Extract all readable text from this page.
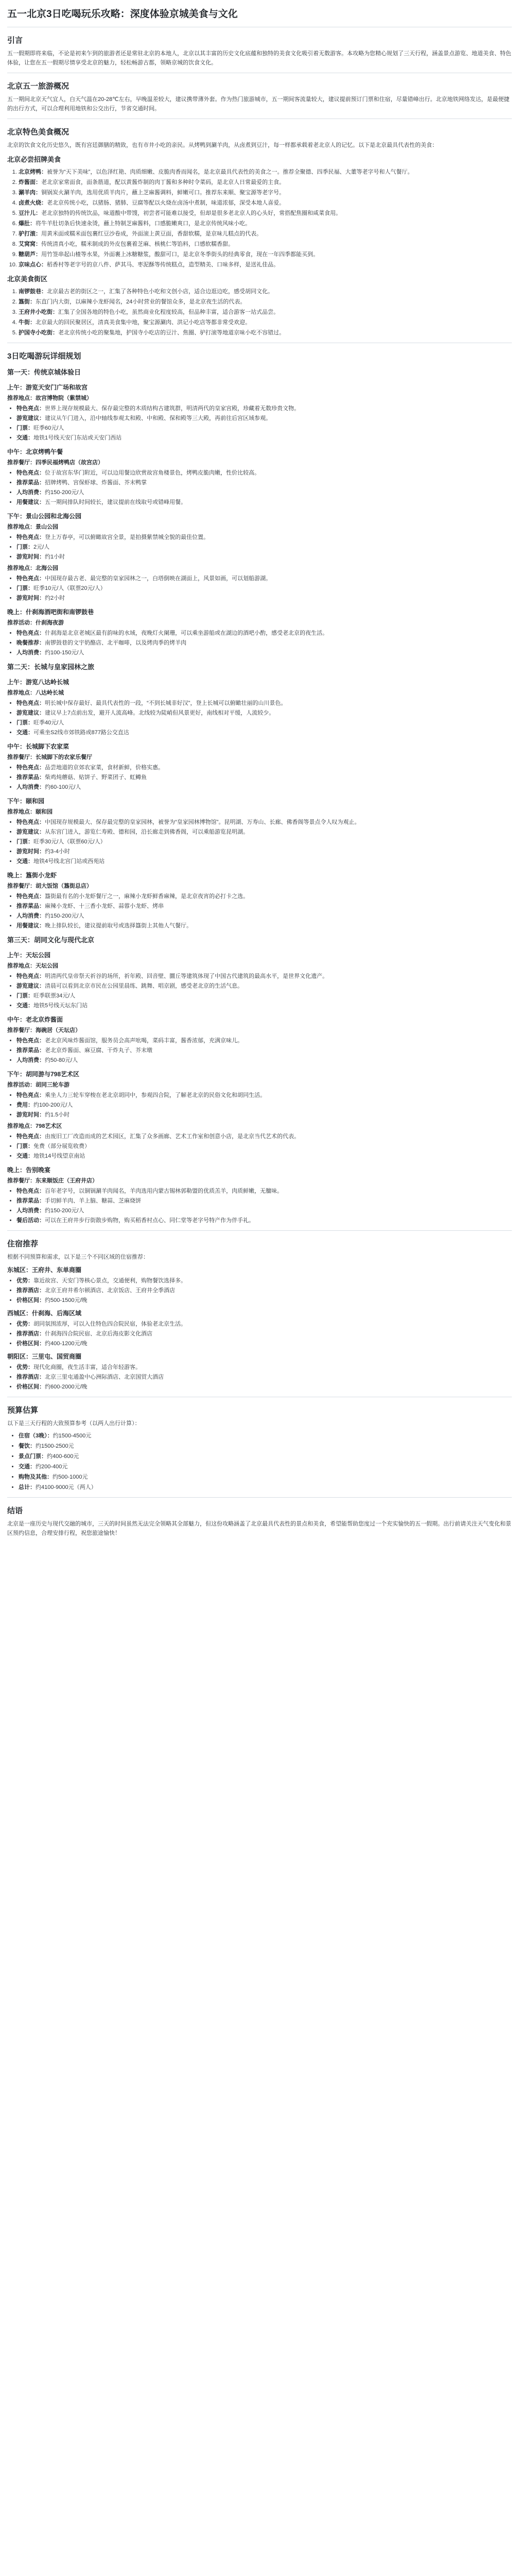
五一北京3日吃喝玩乐攻略：深度体验京城美食与文化
引言
五一假期即将来临，不论是初来乍到的旅游者还是常驻北京的本地人，北京以其丰富的历史文化底蕴和独特的美食文化吸引着无数游客。本攻略为您精心规划了三天行程，涵盖景点游览、地道美食、特色体验，让您在五一假期尽情享受北京的魅力，轻松畅游古都，领略京城的饮食文化。
北京五一旅游概况
五一期间北京天气宜人，白天气温在20-28℃左右，早晚温差较大，建议携带薄外套。作为热门旅游城市，五一期间客流量较大，建议提前预订门票和住宿，尽量错峰出行。北京地铁网络发达，是最便捷的出行方式，可以合理利用地铁和公交出行，节省交通时间。
北京特色美食概况
北京的饮食文化历史悠久，既有宫廷御膳的精致，也有市井小吃的亲民。从烤鸭到涮羊肉，从卤煮到豆汁，每一样都承载着老北京人的记忆。以下是北京最具代表性的美食：
北京必尝招牌美食
1. 北京烤鸭：被誉为“天下美味”，以色泽红艳、肉质细嫩、皮脆肉香而闻名，是北京最具代表性的美食之一。推荐全聚德、四季民福、大董等老字号和人气餐厅。
2. 炸酱面：老北京家常面食，面条筋道，配以黄酱炸制的肉丁酱和多种时令菜码，是北京人日常最爱的主食。
3. 涮羊肉：铜锅炭火涮羊肉，选用优质羊肉片，蘸上芝麻酱调料，鲜嫩可口。推荐东来顺、聚宝源等老字号。
4. 卤煮火烧：老北京传统小吃，以猪肠、猪肺、豆腐等配以火烧在卤汤中煮制，味道浓郁，深受本地人喜爱。
5. 豆汁儿：老北京独特的传统饮品，味道酸中带馊，初尝者可能难以接受，但却是很多老北京人的心头好，常搭配焦圈和咸菜食用。
6. 爆肚：将牛羊肚切条后快速汆烫，蘸上特制芝麻酱料，口感脆嫩爽口，是北京传统风味小吃。
7. 驴打滚：用黄米面或糯米面包裹红豆沙卷成，外面滚上黄豆面，香甜软糯，是京味儿糕点的代表。
8. 艾窝窝：传统清真小吃，糯米制成的外皮包裹着芝麻、核桃仁等馅料，口感软糯香甜。
9. 糖葫芦：用竹签串起山楂等水果，外面裹上冰糖糖浆，酸甜可口，是北京冬季街头的经典零食，现在一年四季都能买到。
10. 京味点心：稻香村等老字号的京八件、萨其马、枣泥酥等传统糕点，造型精美、口味多样，是送礼佳品。
北京美食街区
1. 南锣鼓巷：北京最古老的街区之一，汇集了各种特色小吃和文创小店，适合边逛边吃，感受胡同文化。
2. 簋街：东直门内大街，以麻辣小龙虾闻名，24小时营业的餐馆众多，是北京夜生活的代表。
3. 王府井小吃街：汇集了全国各地的特色小吃，虽然商业化程度较高，但品种丰富，适合游客一站式品尝。
4. 牛街：北京最大的回民聚居区，清真美食集中地，聚宝源涮肉、洪记小吃店等都非常受欢迎。
5. 护国寺小吃街：老北京传统小吃的聚集地，护国寺小吃店的豆汁、焦圈、驴打滚等地道京味小吃不容错过。
3日吃喝游玩详细规划
第一天：传统京城体验日
上午：游览天安门广场和故宫
推荐地点：故宫博物院（紫禁城）
• 特色亮点：世界上现存规模最大、保存最完整的木质结构古建筑群，明清两代的皇家宫殿，珍藏着无数珍贵文物。
• 游览建议：建议从午门进入，沿中轴线参观太和殿、中和殿、保和殿等三大殿，再前往后宫区域参观。
• 门票：旺季60元/人
• 交通：地铁1号线天安门东站或天安门西站
中午：北京烤鸭午餐
推荐餐厅：四季民福烤鸭店（故宫店）
• 特色亮点：位于故宫东华门附近，可以边用餐边欣赏故宫角楼景色，烤鸭皮脆肉嫩，性价比较高。
• 推荐菜品：招牌烤鸭、宫保虾球、炸酱面、芥末鸭掌
• 人均消费：约150-200元/人
• 用餐建议：五一期间排队时间较长，建议提前在线取号或错峰用餐。
下午：景山公园和北海公园
推荐地点：景山公园
• 特色亮点：登上万春亭，可以俯瞰故宫全景，是拍摄紫禁城全貌的最佳位置。
• 门票：2元/人
• 游览时间：约1小时
推荐地点：北海公园
• 特色亮点：中国现存最古老、最完整的皇家园林之一，白塔倒映在湖面上，风景如画，可以划船游湖。
• 门票：旺季10元/人（联票20元/人）
• 游览时间：约2小时
晚上：什刹海酒吧街和南锣鼓巷
推荐活动：什刹海夜游
• 特色亮点：什刹海是北京老城区最有韵味的水域，夜晚灯火阑珊，可以乘坐游船或在湖边的酒吧小酌，感受老北京的夜生活。
• 晚餐推荐：南锣鼓巷的文宇奶酪店、北平咖啡，以及烤肉季的烤羊肉
• 人均消费：约100-150元/人
第二天：长城与皇家园林之旅
上午：游览八达岭长城
推荐地点：八达岭长城
• 特色亮点：明长城中保存最好、最具代表性的一段，“不到长城非好汉”，登上长城可以俯瞰壮丽的山川景色。
• 游览建议：建议早上7点前出发，避开人流高峰。北线较为陡峭但风景更好，南线相对平缓，人流较少。
• 门票：旺季40元/人
• 交通：可乘坐S2线市郊铁路或877路公交直达
中午：长城脚下农家菜
推荐餐厅：长城脚下的农家乐餐厅
• 特色亮点：品尝地道的京郊农家菜，食材新鲜，价格实惠。
• 推荐菜品：柴鸡炖蘑菇、贴饼子、野菜团子、虹鳟鱼
• 人均消费：约60-100元/人
下午：颐和园
推荐地点：颐和园
• 特色亮点：中国现存规模最大、保存最完整的皇家园林，被誉为“皇家园林博物馆”。昆明湖、万寿山、长廊、佛香阁等景点令人叹为观止。
• 游览建议：从东宫门进入，游览仁寿殿、德和园，沿长廊走到佛香阁，可以乘船游览昆明湖。
• 门票：旺季30元/人（联票60元/人）
• 游览时间：约3-4小时
• 交通：地铁4号线北宫门站或西苑站
晚上：簋街小龙虾
推荐餐厅：胡大饭馆（簋街总店）
• 特色亮点：簋街最有名的小龙虾餐厅之一，麻辣小龙虾鲜香麻辣，是北京夜宵的必打卡之选。
• 推荐菜品：麻辣小龙虾、十三香小龙虾、蒜蓉小龙虾、烤串
• 人均消费：约150-200元/人
• 用餐建议：晚上排队较长，建议提前取号或选择簋街上其他人气餐厅。
第三天：胡同文化与现代北京
上午：天坛公园
推荐地点：天坛公园
• 特色亮点：明清两代皇帝祭天祈谷的场所，祈年殿、回音壁、圜丘等建筑体现了中国古代建筑的最高水平，是世界文化遗产。
• 游览建议：清晨可以看到北京市民在公园里晨练、跳舞、唱京剧，感受老北京的生活气息。
• 门票：旺季联票34元/人
• 交通：地铁5号线天坛东门站
中午：老北京炸酱面
推荐餐厅：海碗居（天坛店）
• 特色亮点：老北京风味炸酱面馆，服务员会高声吆喝，菜码丰富，酱香浓郁，充满京味儿。
• 推荐菜品：老北京炸酱面、麻豆腐、干炸丸子、芥末墩
• 人均消费：约50-80元/人
下午：胡同游与798艺术区
推荐活动：胡同三轮车游
• 特色亮点：乘坐人力三轮车穿梭在老北京胡同中，参观四合院，了解老北京的民俗文化和胡同生活。
• 费用：约100-200元/人
• 游览时间：约1.5小时
推荐地点：798艺术区
• 特色亮点：由废旧工厂改造而成的艺术园区，汇集了众多画廊、艺术工作室和创意小店，是北京当代艺术的代表。
• 门票：免费（部分展览收费）
• 交通：地铁14号线望京南站
晚上：告别晚宴
推荐餐厅：东来顺饭庄（王府井店）
• 特色亮点：百年老字号，以铜锅涮羊肉闻名，羊肉选用内蒙古锡林郭勒盟的优质羔羊，肉质鲜嫩，无膻味。
• 推荐菜品：手切鲜羊肉、羊上脑、糖蒜、芝麻烧饼
• 人均消费：约150-200元/人
• 餐后活动：可以在王府井步行街散步购物，购买稻香村点心、同仁堂等老字号特产作为伴手礼。
住宿推荐
根据不同预算和需求，以下是三个不同区域的住宿推荐：
东城区：王府井、东单商圈
• 优势：靠近故宫、天安门等核心景点，交通便利，购物餐饮选择多。
• 推荐酒店：北京王府井希尔顿酒店、北京饭店、王府井全季酒店
• 价格区间：约500-1500元/晚
西城区：什刹海、后海区域
• 优势：胡同氛围浓厚，可以入住特色四合院民宿，体验老北京生活。
• 推荐酒店：什刹海四合院民宿、北京后海皮影文化酒店
• 价格区间：约400-1200元/晚
朝阳区：三里屯、国贸商圈
• 优势：现代化商圈，夜生活丰富，适合年轻游客。
• 推荐酒店：北京三里屯通盈中心洲际酒店、北京国贸大酒店
• 价格区间：约600-2000元/晚
预算估算
以下是三天行程的大致预算参考（以两人出行计算）：
• 住宿（3晚）：约1500-4500元
• 餐饮：约1500-2500元
• 景点门票：约400-600元
• 交通：约200-400元
• 购物及其他：约500-1000元
• 总计：约4100-9000元（两人）
结语
北京是一座历史与现代交融的城市，三天的时间虽然无法完全领略其全部魅力，但这份攻略涵盖了北京最具代表性的景点和美食，希望能帮助您度过一个充实愉快的五一假期。出行前请关注天气变化和景区预约信息，合理安排行程，祝您旅途愉快！
